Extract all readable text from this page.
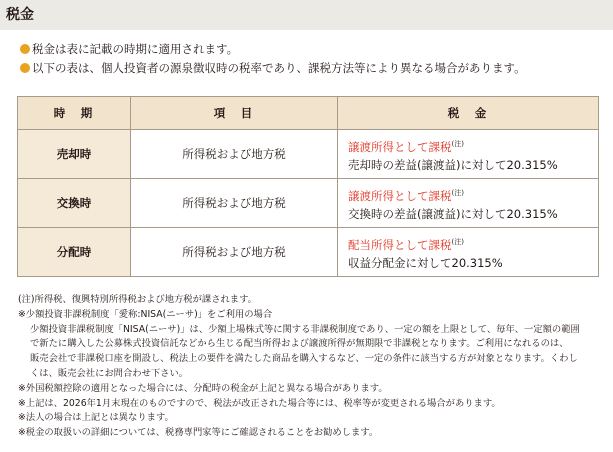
税金
税金は表に記載の時期に適用されます。
以下の表は、個人投資者の源泉徴収時の税率であり、課税方法等により異なる場合があります。
時　期	項　目	税　金
売却時	所得税および地方税	譲渡所得として課税$^{(注)}$
売却時の差益(譲渡益)に対して20.315%

交換時	所得税および地方税	譲渡所得として課税$^{(注)}$
交換時の差益(譲渡益)に対して20.315%

分配時	所得税および地方税	配当所得として課税$^{(注)}$
収益分配金に対して20.315%
(注)所得税、復興特別所得税および地方税が課されます。
※少額投資非課税制度「愛称:NISA(ニーサ)」をご利用の場合
少額投資非課税制度「NISA(ニーサ)」は、少額上場株式等に関する非課税制度であり、一定の額を上限として、毎年、一定額の範囲
で新たに購入した公募株式投資信託などから生じる配当所得および譲渡所得が無期限で非課税となります。ご利用になれるのは、
販売会社で非課税口座を開設し、税法上の要件を満たした商品を購入するなど、一定の条件に該当する方が対象となります。くわし
くは、販売会社にお問合わせ下さい。
※外国税額控除の適用となった場合には、分配時の税金が上記と異なる場合があります。
※上記は、2026年1月末現在のものですので、税法が改正された場合等には、税率等が変更される場合があります。
※法人の場合は上記とは異なります。
※税金の取扱いの詳細については、税務専門家等にご確認されることをお勧めします。
